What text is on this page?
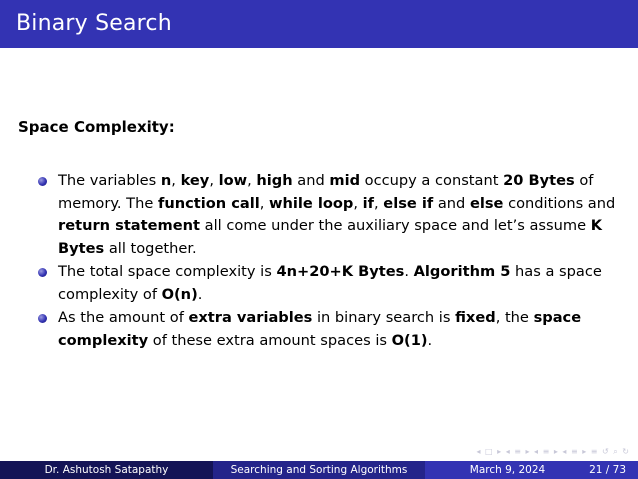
Binary Search
Space Complexity:
The variables n, key, low, high and mid occupy a constant 20 Bytes of memory. The function call, while loop, if, else if and else conditions and return statement all come under the auxiliary space and let’s assume K Bytes all together.
The total space complexity is 4n+20+K Bytes. Algorithm 5 has a space complexity of O(n).
As the amount of extra variables in binary search is fixed, the space complexity of these extra amount spaces is O(1).
◂ □ ▸ ◂ ≡ ▸ ◂ ≡ ▸ ◂ ≡ ▸ ≡ ↺ ⌕ ↻
Dr. Ashutosh Satapathy	Searching and Sorting Algorithms	March 9, 2024	21 / 73
